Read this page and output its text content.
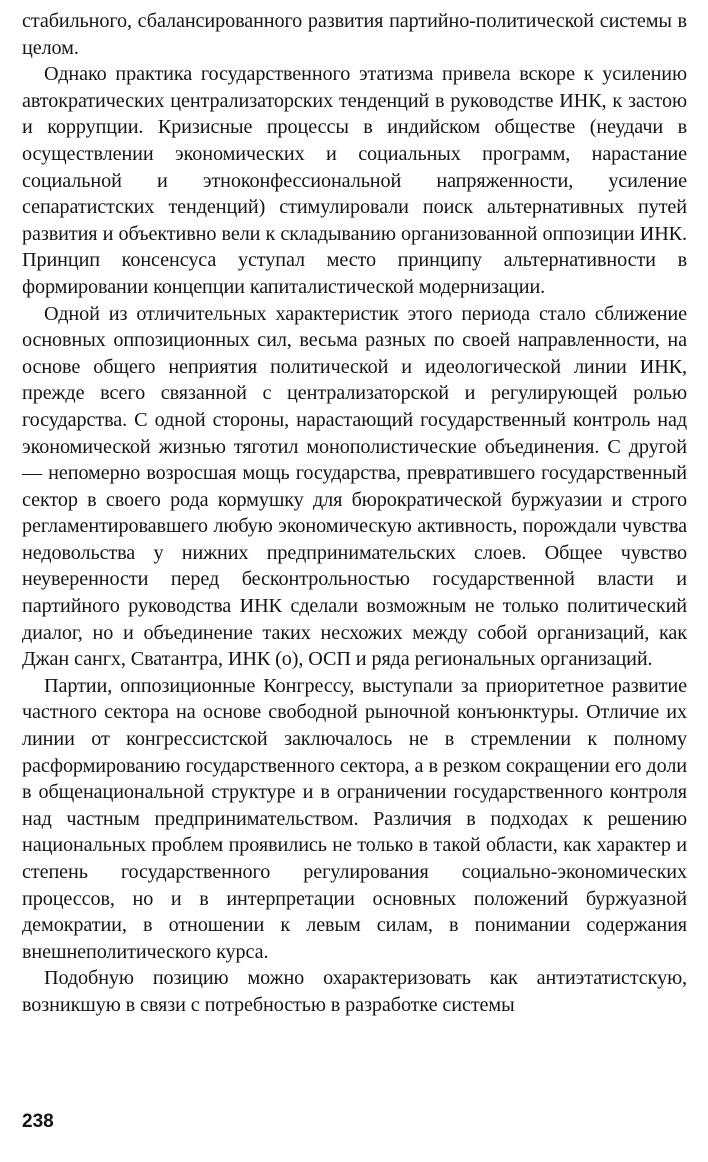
стабильного, сбалансированного развития партийно-политической системы в целом.

Однако практика государственного этатизма привела вскоре к усилению автократических централизаторских тенденций в руководстве ИНК, к застою и коррупции. Кризисные процессы в индийском обществе (неудачи в осуществлении экономических и социальных программ, нарастание социальной и этноконфессиональной напряженности, усиление сепаратистских тенденций) стимулировали поиск альтернативных путей развития и объективно вели к складыванию организованной оппозиции ИНК. Принцип консенсуса уступал место принципу альтернативности в формировании концепции капиталистической модернизации.

Одной из отличительных характеристик этого периода стало сближение основных оппозиционных сил, весьма разных по своей направленности, на основе общего неприятия политической и идеологической линии ИНК, прежде всего связанной с централизаторской и регулирующей ролью государства. С одной стороны, нарастающий государственный контроль над экономической жизнью тяготил монополистические объединения. С другой — непомерно возросшая мощь государства, превратившего государственный сектор в своего рода кормушку для бюрократической буржуазии и строго регламентировавшего любую экономическую активность, порождали чувства недовольства у нижних предпринимательских слоев. Общее чувство неуверенности перед бесконтрольностью государственной власти и партийного руководства ИНК сделали возможным не только политический диалог, но и объединение таких несхожих между собой организаций, как Джан сангх, Сватантра, ИНК (о), ОСП и ряда региональных организаций.

Партии, оппозиционные Конгрессу, выступали за приоритетное развитие частного сектора на основе свободной рыночной конъюнктуры. Отличие их линии от конгрессистской заключалось не в стремлении к полному расформированию государственного сектора, а в резком сокращении его доли в общенациональной структуре и в ограничении государственного контроля над частным предпринимательством. Различия в подходах к решению национальных проблем проявились не только в такой области, как характер и степень государственного регулирования социально-экономических процессов, но и в интерпретации основных положений буржуазной демократии, в отношении к левым силам, в понимании содержания внешнеполитического курса.

Подобную позицию можно охарактеризовать как антиэтатистскую, возникшую в связи с потребностью в разработке системы

238
